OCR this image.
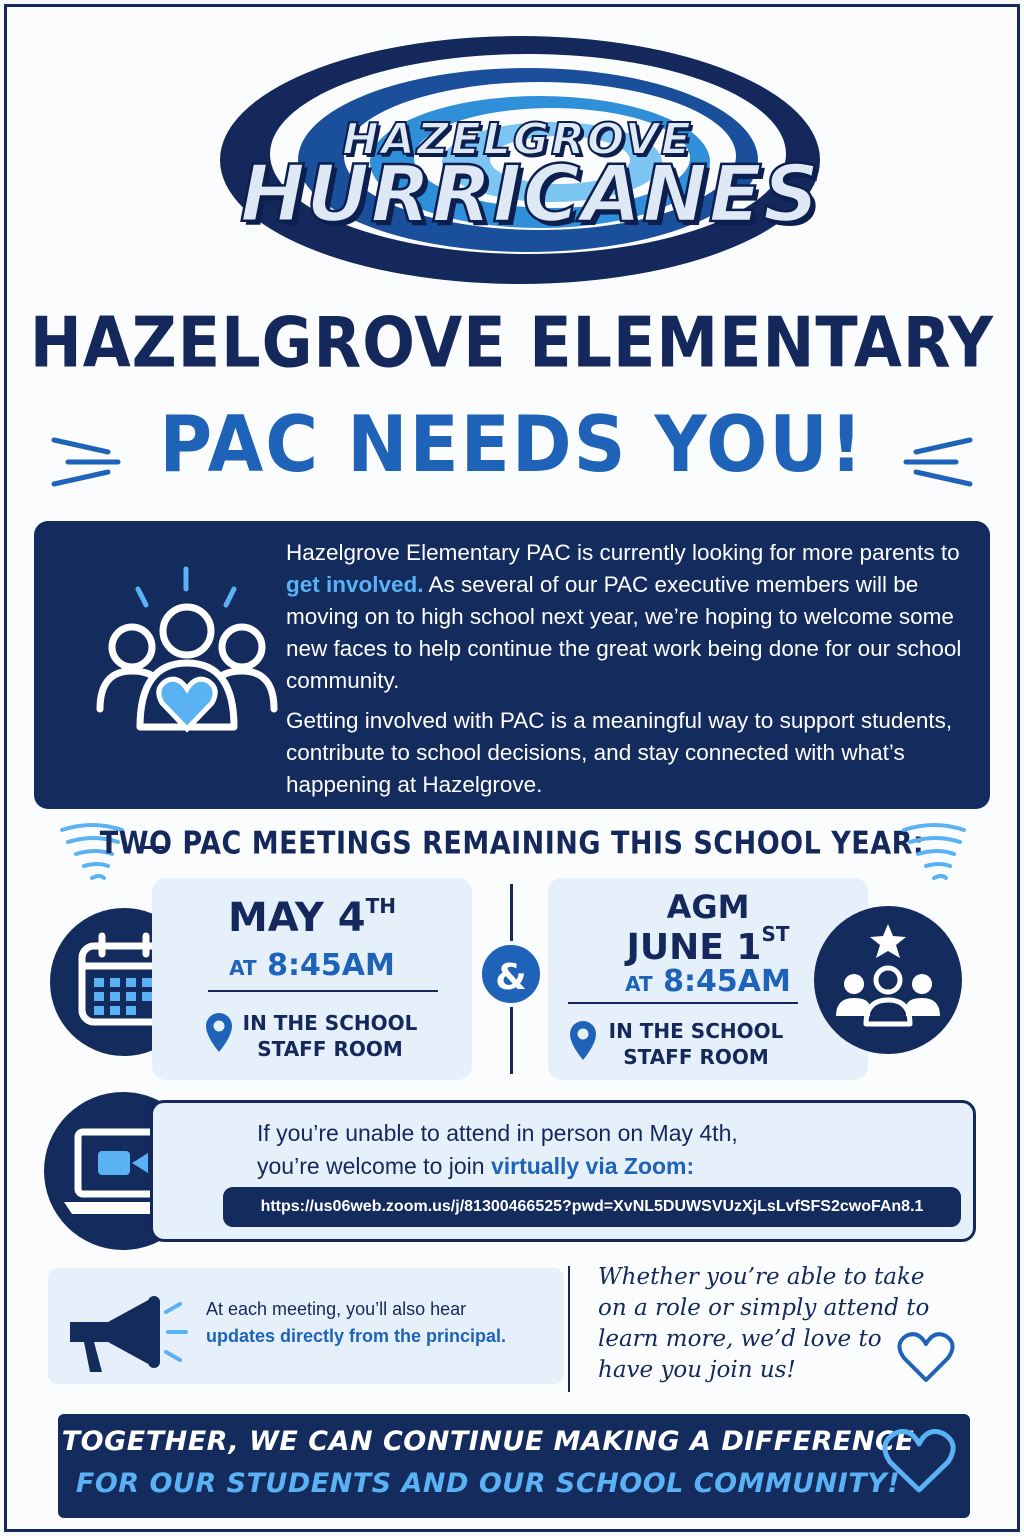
HAZELGROVE
HURRICANES
HAZELGROVE ELEMENTARY
PAC NEEDS YOU!
Hazelgrove Elementary PAC is currently looking for more parents to get involved. As several of our PAC executive members will be moving on to high school next year, we’re hoping to welcome some new faces to help continue the great work being done for our school community.
Getting involved with PAC is a meaningful way to support students, contribute to school decisions, and stay connected with what’s happening at Hazelgrove.
TWO PAC MEETINGS REMAINING THIS SCHOOL YEAR:
MAY 4TH
AT 8:45AM
IN THE SCHOOL
STAFF ROOM
&
AGM
JUNE 1ST
AT 8:45AM
IN THE SCHOOL
STAFF ROOM
If you’re unable to attend in person on May 4th,
you’re welcome to join virtually via Zoom:
https://us06web.zoom.us/j/81300466525?pwd=XvNL5DUWSVUzXjLsLvfSFS2cwoFAn8.1
At each meeting, you’ll also hear
updates directly from the principal.
Whether you’re able to take
on a role or simply attend to
learn more, we’d love to
have you join us!
TOGETHER, WE CAN CONTINUE MAKING A DIFFERENCE
FOR OUR STUDENTS AND OUR SCHOOL COMMUNITY!
